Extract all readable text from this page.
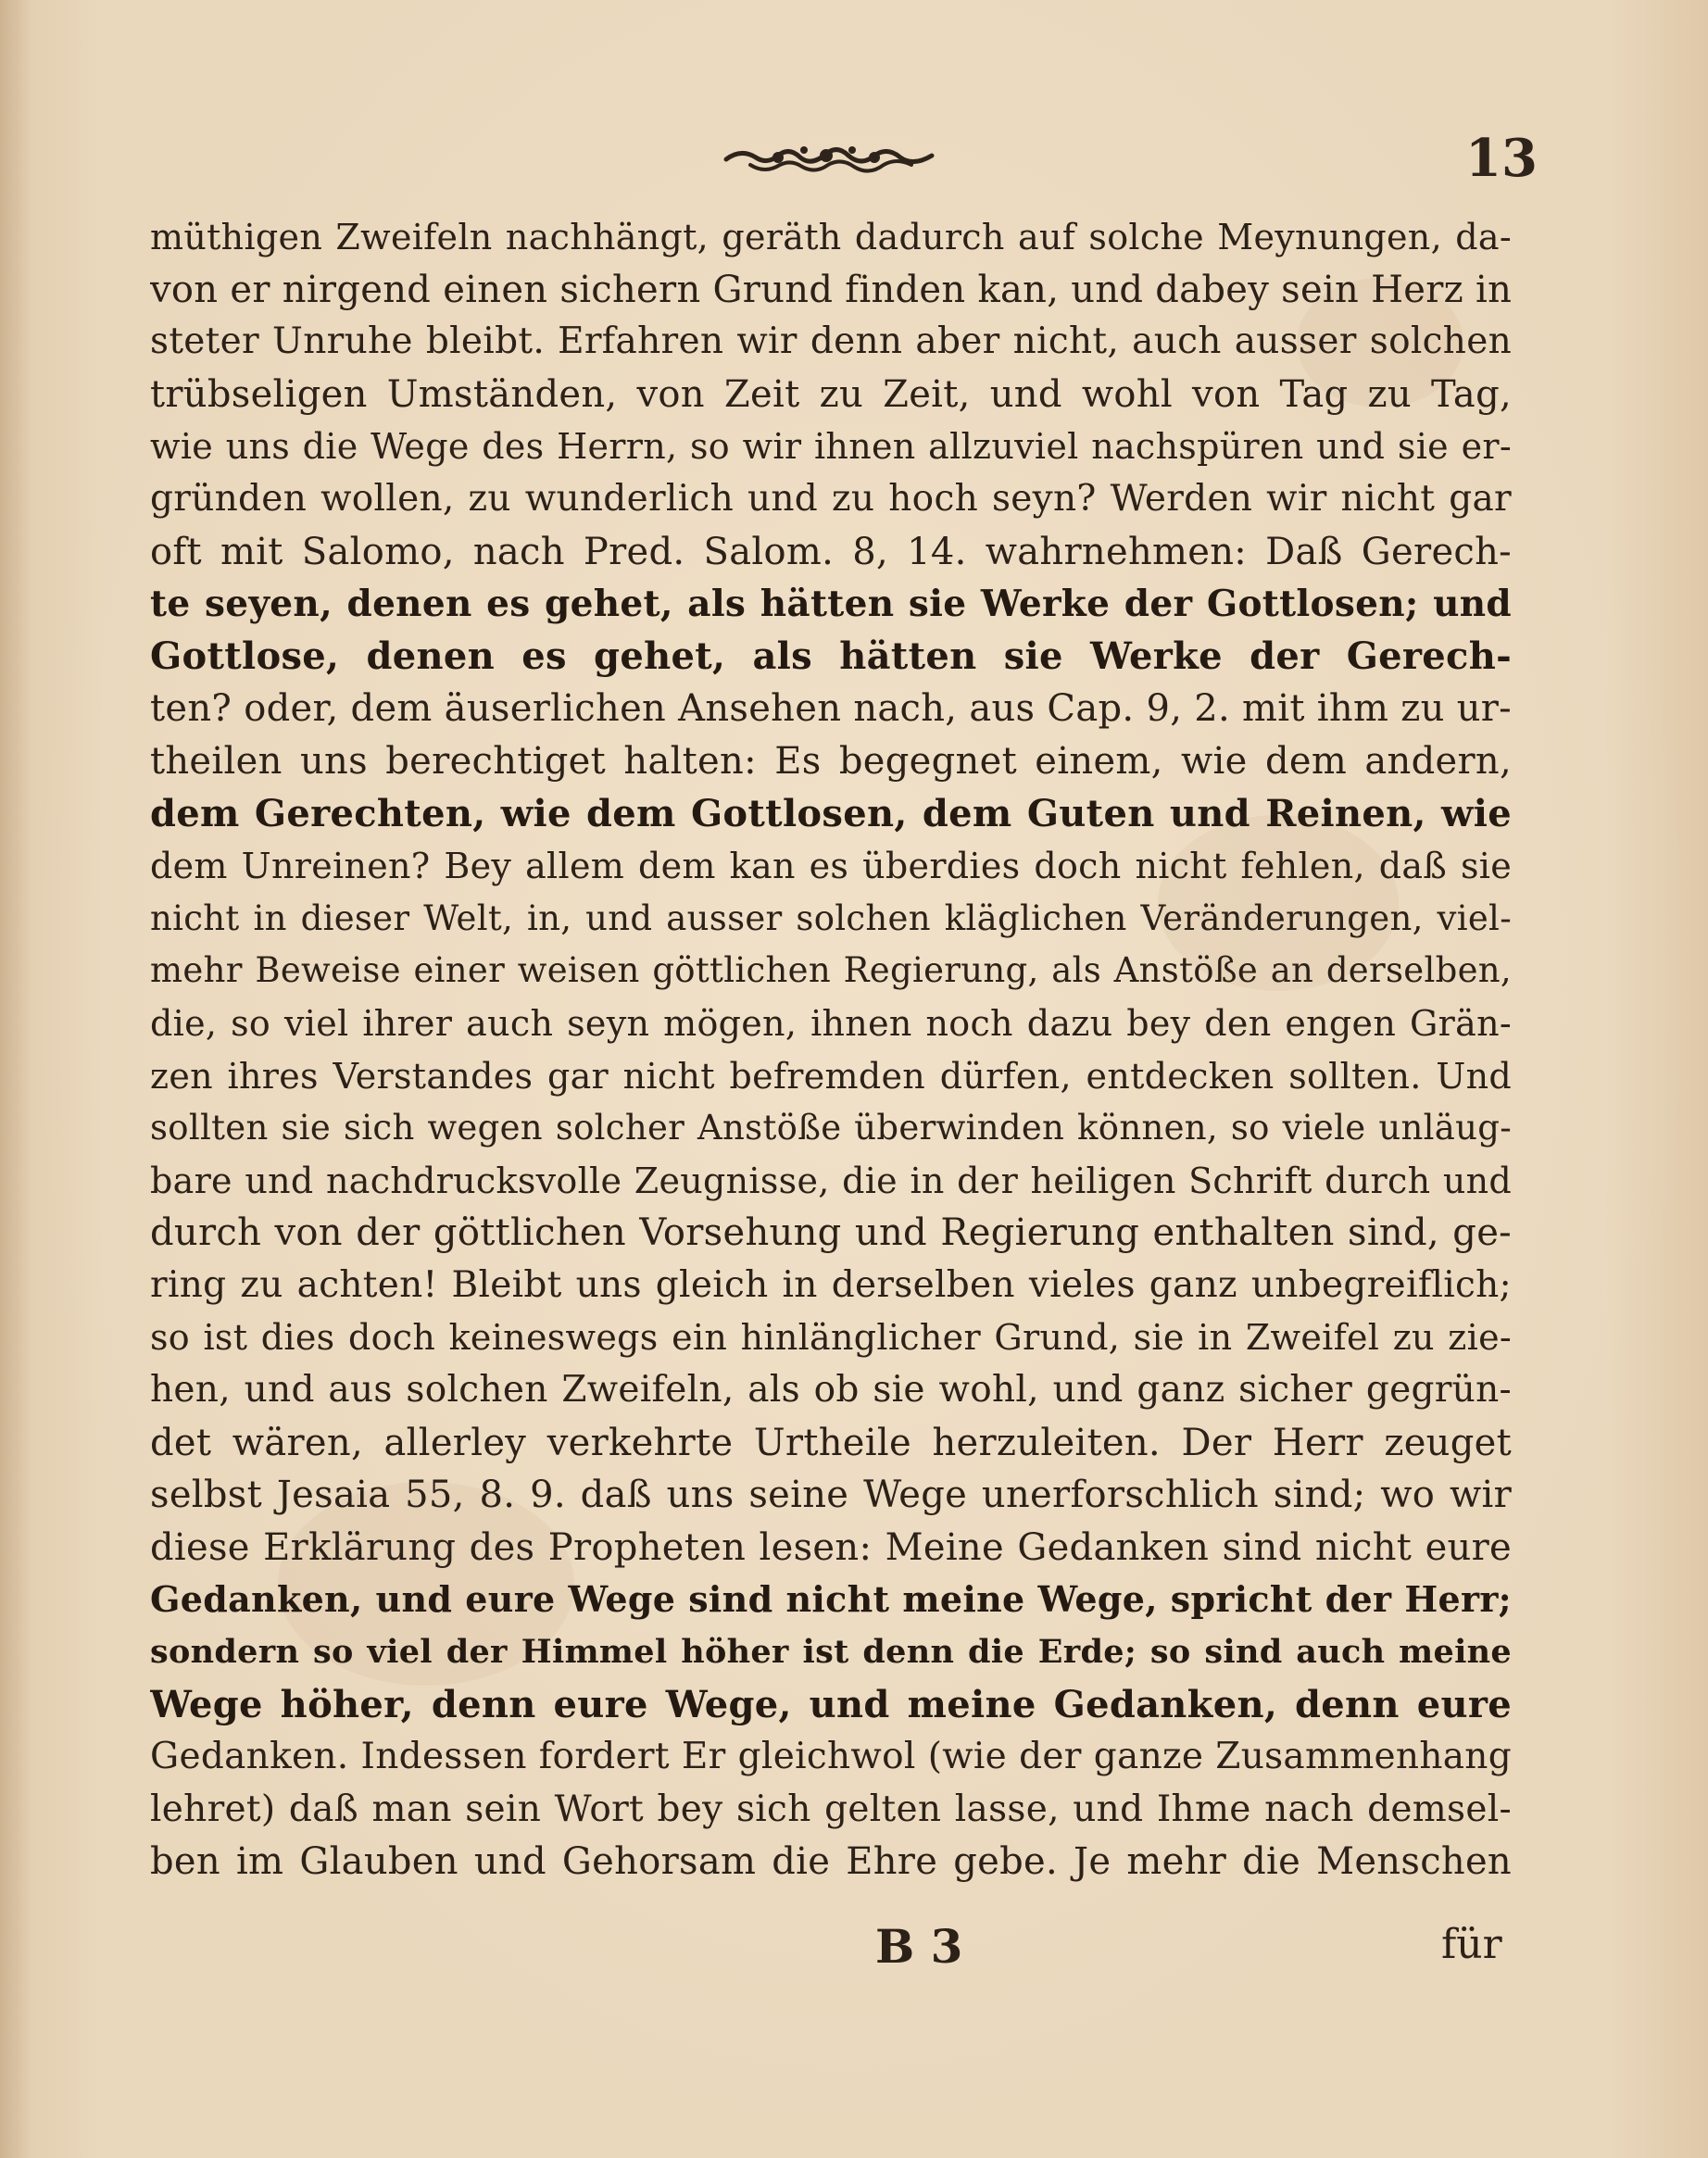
13
müthigen Zweifeln nachhängt, geräth dadurch auf solche Meynungen, da-
von er nirgend einen sichern Grund finden kan, und dabey sein Herz in
steter Unruhe bleibt. Erfahren wir denn aber nicht, auch ausser solchen
trübseligen Umständen, von Zeit zu Zeit, und wohl von Tag zu Tag,
wie uns die Wege des Herrn, so wir ihnen allzuviel nachspüren und sie er-
gründen wollen, zu wunderlich und zu hoch seyn? Werden wir nicht gar
oft mit Salomo, nach Pred. Salom. 8, 14. wahrnehmen: Daß Gerech-
te seyen, denen es gehet, als hätten sie Werke der Gottlosen; und
Gottlose, denen es gehet, als hätten sie Werke der Gerech-
ten? oder, dem äuserlichen Ansehen nach, aus Cap. 9, 2. mit ihm zu ur-
theilen uns berechtiget halten: Es begegnet einem, wie dem andern,
dem Gerechten, wie dem Gottlosen, dem Guten und Reinen, wie
dem Unreinen? Bey allem dem kan es überdies doch nicht fehlen, daß sie
nicht in dieser Welt, in, und ausser solchen kläglichen Veränderungen, viel-
mehr Beweise einer weisen göttlichen Regierung, als Anstöße an derselben,
die, so viel ihrer auch seyn mögen, ihnen noch dazu bey den engen Grän-
zen ihres Verstandes gar nicht befremden dürfen, entdecken sollten. Und
sollten sie sich wegen solcher Anstöße überwinden können, so viele unläug-
bare und nachdrucksvolle Zeugnisse, die in der heiligen Schrift durch und
durch von der göttlichen Vorsehung und Regierung enthalten sind, ge-
ring zu achten! Bleibt uns gleich in derselben vieles ganz unbegreiflich;
so ist dies doch keineswegs ein hinlänglicher Grund, sie in Zweifel zu zie-
hen, und aus solchen Zweifeln, als ob sie wohl, und ganz sicher gegrün-
det wären, allerley verkehrte Urtheile herzuleiten. Der Herr zeuget
selbst Jesaia 55, 8. 9. daß uns seine Wege unerforschlich sind; wo wir
diese Erklärung des Propheten lesen: Meine Gedanken sind nicht eure
Gedanken, und eure Wege sind nicht meine Wege, spricht der Herr;
sondern so viel der Himmel höher ist denn die Erde; so sind auch meine
Wege höher, denn eure Wege, und meine Gedanken, denn eure
Gedanken. Indessen fordert Er gleichwol (wie der ganze Zusammenhang
lehret) daß man sein Wort bey sich gelten lasse, und Ihme nach demsel-
ben im Glauben und Gehorsam die Ehre gebe. Je mehr die Menschen
B 3	für
